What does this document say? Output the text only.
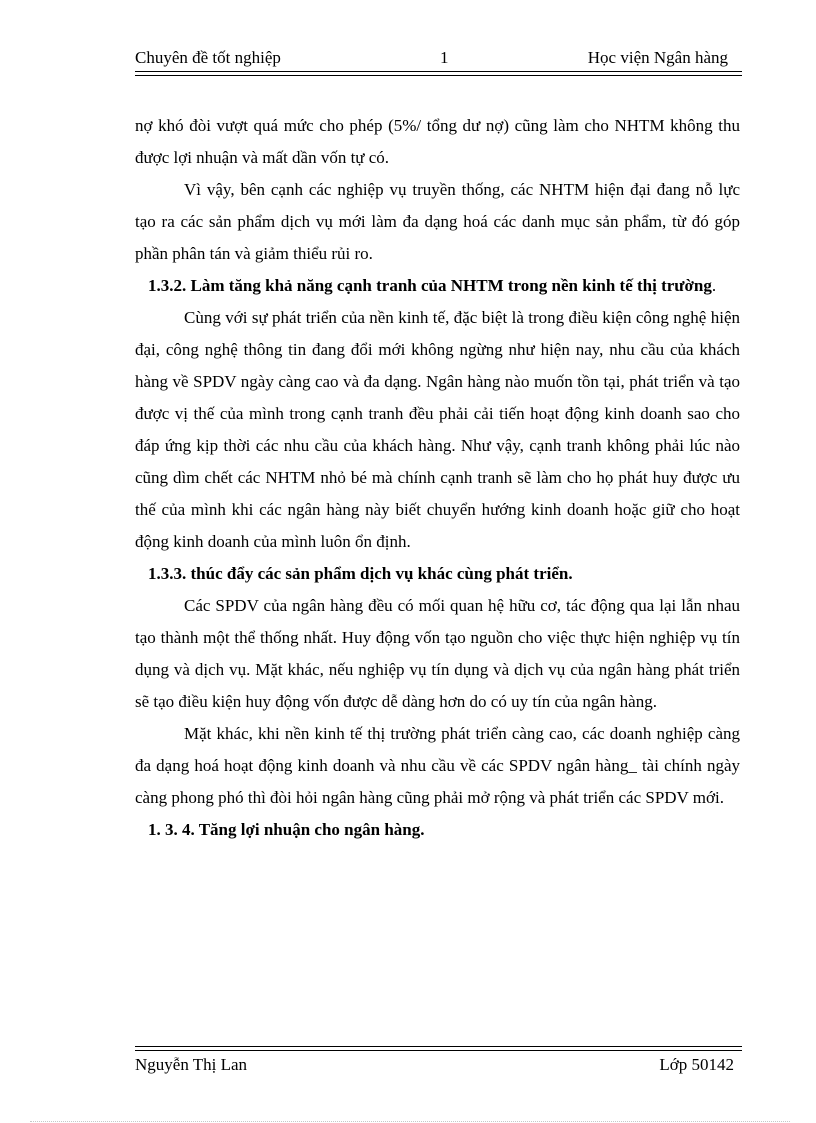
Chuyên đề tốt nghiệp	1	Học viện Ngân hàng

nợ khó đòi vượt quá mức cho phép (5%/ tổng dư nợ) cũng làm cho NHTM không thu được lợi nhuận và mất dần vốn tự có.

Vì vậy, bên cạnh các nghiệp vụ truyền thống, các NHTM hiện đại đang nỗ lực tạo ra các sản phẩm dịch vụ mới làm đa dạng hoá các danh mục sản phẩm, từ đó góp phần phân tán và giảm thiểu rủi ro.

1.3.2. Làm tăng khả năng cạnh tranh của NHTM trong nền kinh tế thị trường.

Cùng với sự phát triển của nền kinh tế, đặc biệt là trong điều kiện công nghệ hiện đại, công nghệ thông tin đang đổi mới không ngừng như hiện nay, nhu cầu của khách hàng về SPDV ngày càng cao và đa dạng. Ngân hàng nào muốn tồn tại, phát triển và tạo được vị thế của mình trong cạnh tranh đều phải cải tiến hoạt động kinh doanh sao cho đáp ứng kịp thời các nhu cầu của khách hàng. Như vậy, cạnh tranh không phải lúc nào cũng dìm chết các NHTM nhỏ bé mà chính cạnh tranh sẽ làm cho họ phát huy được ưu thế của mình khi các ngân hàng này biết chuyển hướng kinh doanh hoặc giữ cho hoạt động kinh doanh của mình luôn ổn định.

1.3.3. thúc đẩy các sản phẩm dịch vụ khác cùng phát triển.

Các SPDV của ngân hàng đều có mối quan hệ hữu cơ, tác động qua lại lẫn nhau tạo thành một thể thống nhất. Huy động vốn tạo nguồn cho việc thực hiện nghiệp vụ tín dụng và dịch vụ. Mặt khác, nếu nghiệp vụ tín dụng và dịch vụ của ngân hàng phát triển sẽ tạo điều kiện huy động vốn được dễ dàng hơn do có uy tín của ngân hàng.

Mặt khác, khi nền kinh tế thị trường phát triển càng cao, các doanh nghiệp càng đa dạng hoá hoạt động kinh doanh và nhu cầu về các SPDV ngân hàng_ tài chính ngày càng phong phó thì đòi hỏi ngân hàng cũng phải mở rộng và phát triển các SPDV mới.

1. 3. 4. Tăng lợi nhuận cho ngân hàng.

Nguyễn Thị Lan	Lớp 50142
